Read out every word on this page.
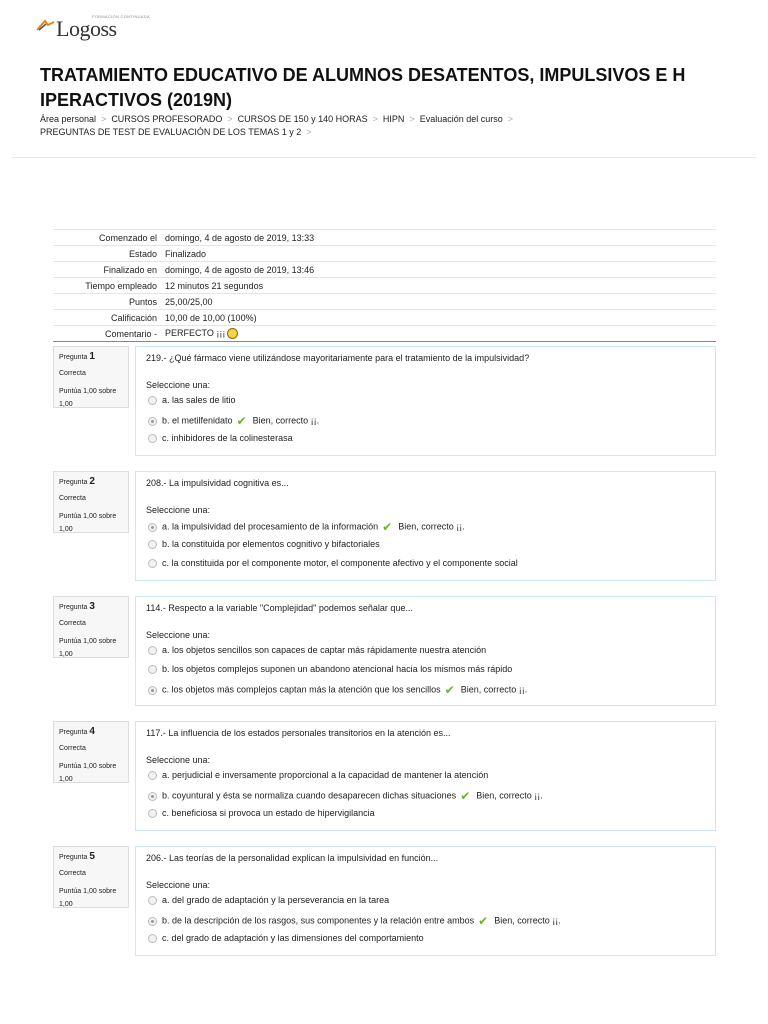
FORMACIÓN CONTINUADA
Logoss
TRATAMIENTO EDUCATIVO DE ALUMNOS DESATENTOS, IMPULSIVOS E H IPERACTIVOS (2019N)
Área personal > CURSOS PROFESORADO > CURSOS DE 150 y 140 HORAS > HIPN > Evaluación del curso >
PREGUNTAS DE TEST DE EVALUACIÓN DE LOS TEMAS 1 y 2 >
Comenzado el	domingo, 4 de agosto de 2019, 13:33
Estado	Finalizado
Finalizado en	domingo, 4 de agosto de 2019, 13:46
Tiempo empleado	12 minutos 21 segundos
Puntos	25,00/25,00
Calificación	10,00 de 10,00 (100%)
Comentario -	PERFECTO ¡¡¡
Pregunta 1
Correcta
Puntúa 1,00 sobre 1,00
219.- ¿Qué fármaco viene utilizándose mayoritariamente para el tratamiento de la impulsividad?
Seleccione una:
a. las sales de litio
b. el metilfenidato ✔ Bien, correcto ¡¡.
c. inhibidores de la colinesterasa
Pregunta 2
Correcta
Puntúa 1,00 sobre 1,00
208.- La impulsividad cognitiva es...
Seleccione una:
a. la impulsividad del procesamiento de la información ✔ Bien, correcto ¡¡.
b. la constituida por elementos cognitivo y bifactoriales
c. la constituida por el componente motor, el componente afectivo y el componente social
Pregunta 3
Correcta
Puntúa 1,00 sobre 1,00
114.- Respecto a la variable "Complejidad" podemos señalar que...
Seleccione una:
a. los objetos sencillos son capaces de captar más rápidamente nuestra atención
b. los objetos complejos suponen un abandono atencional hacia los mismos más rápido
c. los objetos más complejos captan más la atención que los sencillos ✔ Bien, correcto ¡¡.
Pregunta 4
Correcta
Puntúa 1,00 sobre 1,00
117.- La influencia de los estados personales transitorios en la atención es...
Seleccione una:
a. perjudicial e inversamente proporcional a la capacidad de mantener la atención
b. coyuntural y ésta se normaliza cuando desaparecen dichas situaciones ✔ Bien, correcto ¡¡.
c. beneficiosa si provoca un estado de hipervigilancia
Pregunta 5
Correcta
Puntúa 1,00 sobre 1,00
206.- Las teorías de la personalidad explican la impulsividad en función...
Seleccione una:
a. del grado de adaptación y la perseverancia en la tarea
b. de la descripción de los rasgos, sus componentes y la relación entre ambos ✔ Bien, correcto ¡¡.
c. del grado de adaptación y las dimensiones del comportamiento
